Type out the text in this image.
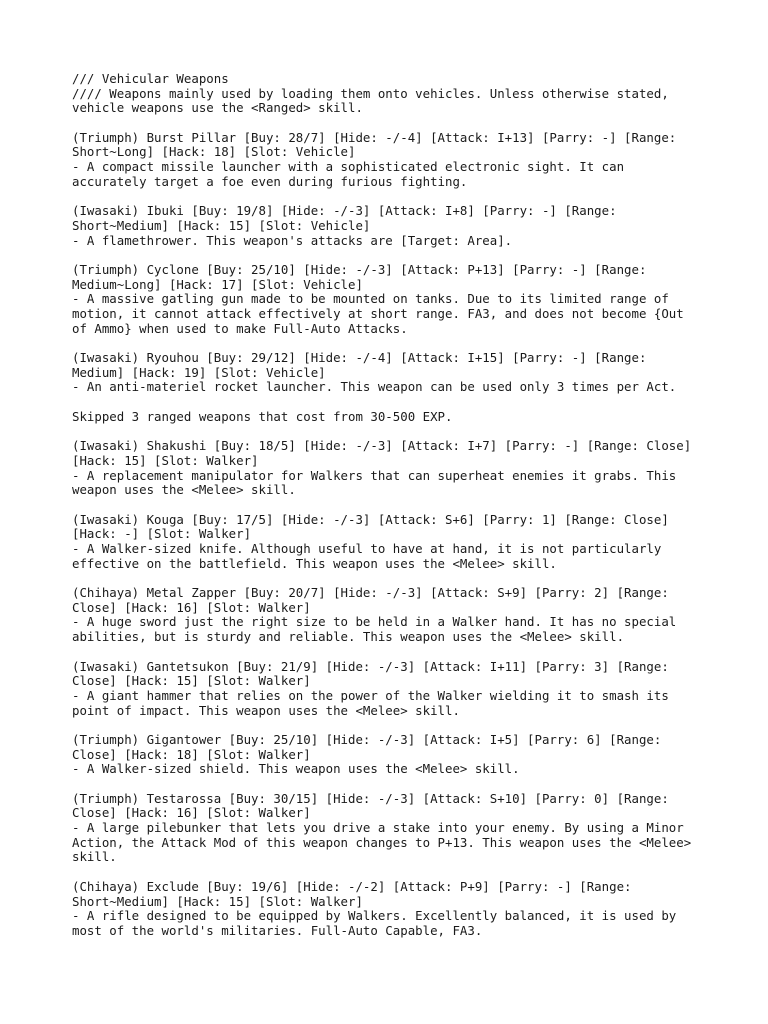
/// Vehicular Weapons
//// Weapons mainly used by loading them onto vehicles. Unless otherwise stated,
vehicle weapons use the <Ranged> skill.
(Triumph) Burst Pillar [Buy: 28/7] [Hide: -/-4] [Attack: I+13] [Parry: -] [Range:
Short~Long] [Hack: 18] [Slot: Vehicle]
- A compact missile launcher with a sophisticated electronic sight. It can
accurately target a foe even during furious fighting.
(Iwasaki) Ibuki [Buy: 19/8] [Hide: -/-3] [Attack: I+8] [Parry: -] [Range:
Short~Medium] [Hack: 15] [Slot: Vehicle]
- A flamethrower. This weapon's attacks are [Target: Area].
(Triumph) Cyclone [Buy: 25/10] [Hide: -/-3] [Attack: P+13] [Parry: -] [Range:
Medium~Long] [Hack: 17] [Slot: Vehicle]
- A massive gatling gun made to be mounted on tanks. Due to its limited range of
motion, it cannot attack effectively at short range. FA3, and does not become {Out
of Ammo} when used to make Full-Auto Attacks.
(Iwasaki) Ryouhou [Buy: 29/12] [Hide: -/-4] [Attack: I+15] [Parry: -] [Range:
Medium] [Hack: 19] [Slot: Vehicle]
- An anti-materiel rocket launcher. This weapon can be used only 3 times per Act.
Skipped 3 ranged weapons that cost from 30-500 EXP.
(Iwasaki) Shakushi [Buy: 18/5] [Hide: -/-3] [Attack: I+7] [Parry: -] [Range: Close]
[Hack: 15] [Slot: Walker]
- A replacement manipulator for Walkers that can superheat enemies it grabs. This
weapon uses the <Melee> skill.
(Iwasaki) Kouga [Buy: 17/5] [Hide: -/-3] [Attack: S+6] [Parry: 1] [Range: Close]
[Hack: -] [Slot: Walker]
- A Walker-sized knife. Although useful to have at hand, it is not particularly
effective on the battlefield. This weapon uses the <Melee> skill.
(Chihaya) Metal Zapper [Buy: 20/7] [Hide: -/-3] [Attack: S+9] [Parry: 2] [Range:
Close] [Hack: 16] [Slot: Walker]
- A huge sword just the right size to be held in a Walker hand. It has no special
abilities, but is sturdy and reliable. This weapon uses the <Melee> skill.
(Iwasaki) Gantetsukon [Buy: 21/9] [Hide: -/-3] [Attack: I+11] [Parry: 3] [Range:
Close] [Hack: 15] [Slot: Walker]
- A giant hammer that relies on the power of the Walker wielding it to smash its
point of impact. This weapon uses the <Melee> skill.
(Triumph) Gigantower [Buy: 25/10] [Hide: -/-3] [Attack: I+5] [Parry: 6] [Range:
Close] [Hack: 18] [Slot: Walker]
- A Walker-sized shield. This weapon uses the <Melee> skill.
(Triumph) Testarossa [Buy: 30/15] [Hide: -/-3] [Attack: S+10] [Parry: 0] [Range:
Close] [Hack: 16] [Slot: Walker]
- A large pilebunker that lets you drive a stake into your enemy. By using a Minor
Action, the Attack Mod of this weapon changes to P+13. This weapon uses the <Melee>
skill.
(Chihaya) Exclude [Buy: 19/6] [Hide: -/-2] [Attack: P+9] [Parry: -] [Range:
Short~Medium] [Hack: 15] [Slot: Walker]
- A rifle designed to be equipped by Walkers. Excellently balanced, it is used by
most of the world's militaries. Full-Auto Capable, FA3.
